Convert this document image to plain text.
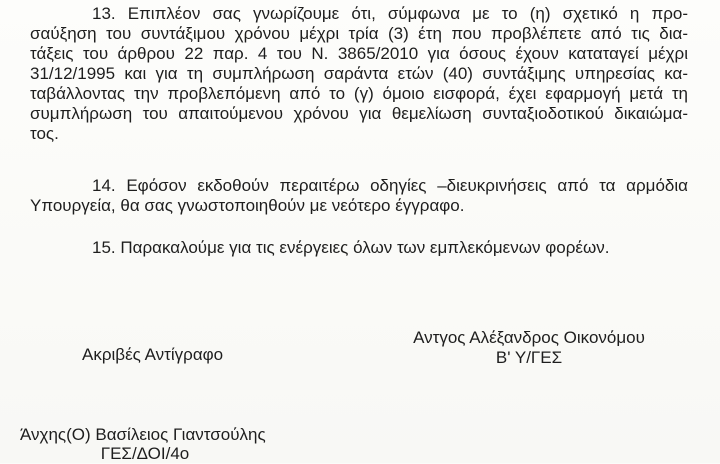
13. Επιπλέον σας γνωρίζουμε ότι, σύμφωνα με το (η) σχετικό η προ-
σαύξηση του συντάξιμου χρόνου μέχρι τρία (3) έτη που προβλέπετε από τις δια-
τάξεις του άρθρου 22 παρ. 4 του Ν. 3865/2010 για όσους έχουν καταταγεί μέχρι
31/12/1995 και για τη συμπλήρωση σαράντα ετών (40) συντάξιμης υπηρεσίας κα-
ταβάλλοντας την προβλεπόμενη από το (γ) όμοιο εισφορά, έχει εφαρμογή μετά τη
συμπλήρωση του απαιτούμενου χρόνου για θεμελίωση συνταξιοδοτικού δικαιώμα-
τος.
14. Εφόσον εκδοθούν περαιτέρω οδηγίες –διευκρινήσεις από τα αρμόδια
Υπουργεία, θα σας γνωστοποιηθούν με νεότερο έγγραφο.
15. Παρακαλούμε για τις ενέργειες όλων των εμπλεκόμενων φορέων.
Αντγος Αλέξανδρος Οικονόμου
Ακριβές Αντίγραφο	Β' Υ/ΓΕΣ
Άνχης(Ο) Βασίλειος Γιαντσούλης
ΓΕΣ/ΔΟΙ/4ο
